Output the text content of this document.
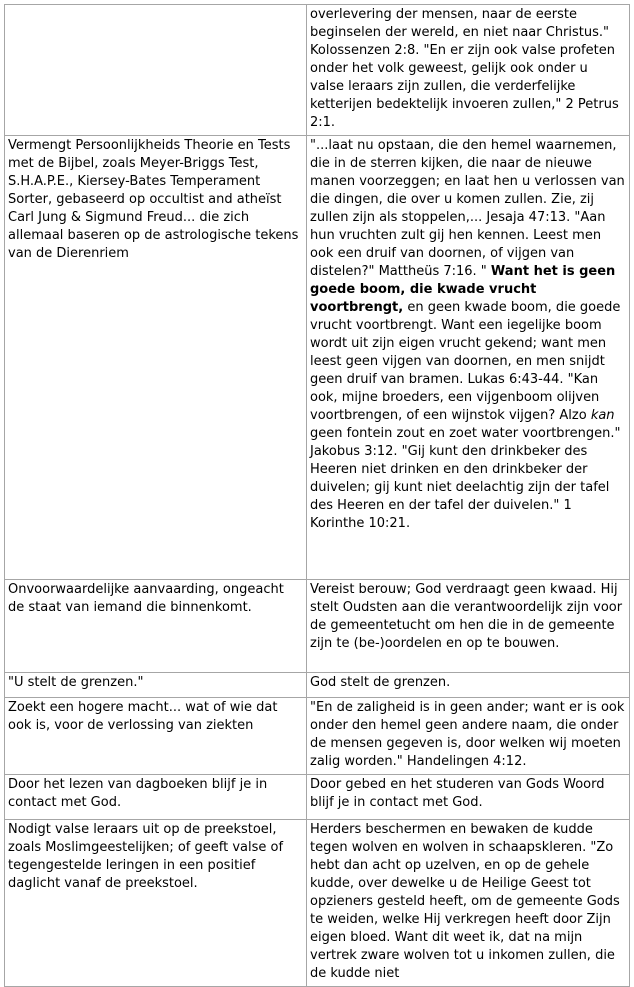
	overlevering der mensen, naar de eerste beginselen der wereld, en niet naar Christus." Kolossenzen 2:8. "En er zijn ook valse profeten onder het volk geweest, gelijk ook onder u valse leraars zijn zullen, die verderfelijke ketterijen bedektelijk invoeren zullen," 2 Petrus 2:1.
Vermengt Persoonlijkheids Theorie en Tests met de Bijbel, zoals Meyer-Briggs Test, S.H.A.P.E., Kiersey-Bates Temperament Sorter, gebaseerd op occultist and atheïst Carl Jung & Sigmund Freud... die zich allemaal baseren op de astrologische tekens van de Dierenriem	"...laat nu opstaan, die den hemel waarnemen, die in de sterren kijken, die naar de nieuwe manen voorzeggen; en laat hen u verlossen van die dingen, die over u komen zullen. Zie, zij zullen zijn als stoppelen,... Jesaja 47:13. "Aan hun vruchten zult gij hen kennen. Leest men ook een druif van doornen, of vijgen van distelen?" Mattheüs 7:16. " Want het is geen goede boom, die kwade vrucht voortbrengt, en geen kwade boom, die goede vrucht voortbrengt. Want een iegelijke boom wordt uit zijn eigen vrucht gekend; want men leest geen vijgen van doornen, en men snijdt geen druif van bramen. Lukas 6:43-44. "Kan ook, mijne broeders, een vijgenboom olijven voortbrengen, of een wijnstok vijgen? Alzo kan geen fontein zout en zoet water voortbrengen." Jakobus 3:12. "Gij kunt den drinkbeker des Heeren niet drinken en den drinkbeker der duivelen; gij kunt niet deelachtig zijn der tafel des Heeren en der tafel der duivelen." 1 Korinthe 10:21.
Onvoorwaardelijke aanvaarding, ongeacht de staat van iemand die binnenkomt.	Vereist berouw; God verdraagt geen kwaad. Hij stelt Oudsten aan die verantwoordelijk zijn voor de gemeentetucht om hen die in de gemeente zijn te (be-)oordelen en op te bouwen.
"U stelt de grenzen."	God stelt de grenzen.
Zoekt een hogere macht... wat of wie dat ook is, voor de verlossing van ziekten	"En de zaligheid is in geen ander; want er is ook onder den hemel geen andere naam, die onder de mensen gegeven is, door welken wij moeten zalig worden." Handelingen 4:12.
Door het lezen van dagboeken blijf je in contact met God.	Door gebed en het studeren van Gods Woord blijf je in contact met God.
Nodigt valse leraars uit op de preekstoel, zoals Moslimgeestelijken; of geeft valse of tegengestelde leringen in een positief daglicht vanaf de preekstoel.	Herders beschermen en bewaken de kudde tegen wolven en wolven in schaapskleren. "Zo hebt dan acht op uzelven, en op de gehele kudde, over dewelke u de Heilige Geest tot opzieners gesteld heeft, om de gemeente Gods te weiden, welke Hij verkregen heeft door Zijn eigen bloed. Want dit weet ik, dat na mijn vertrek zware wolven tot u inkomen zullen, die de kudde niet
